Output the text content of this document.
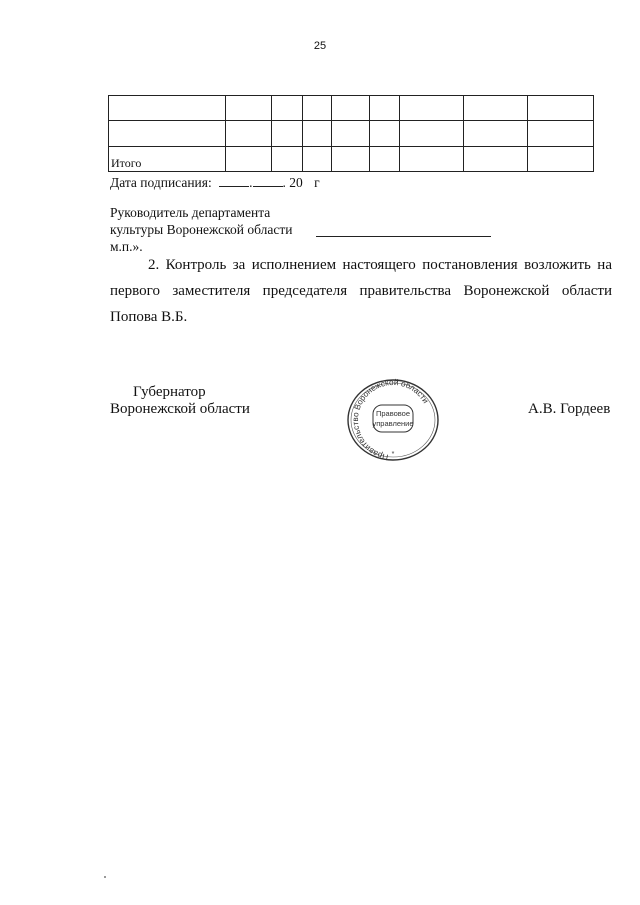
25

Итого								
Дата подписания:	. . 20 г
Руководитель департамента
культуры Воронежской области
м.п.».
2. Контроль за исполнением настоящего постановления возложить на первого заместителя председателя правительства Воронежской области Попова В.Б.
Губернатор
Воронежской области	А.В. Гордеев
Правительство Воронежской области
Правовое
управление
*
